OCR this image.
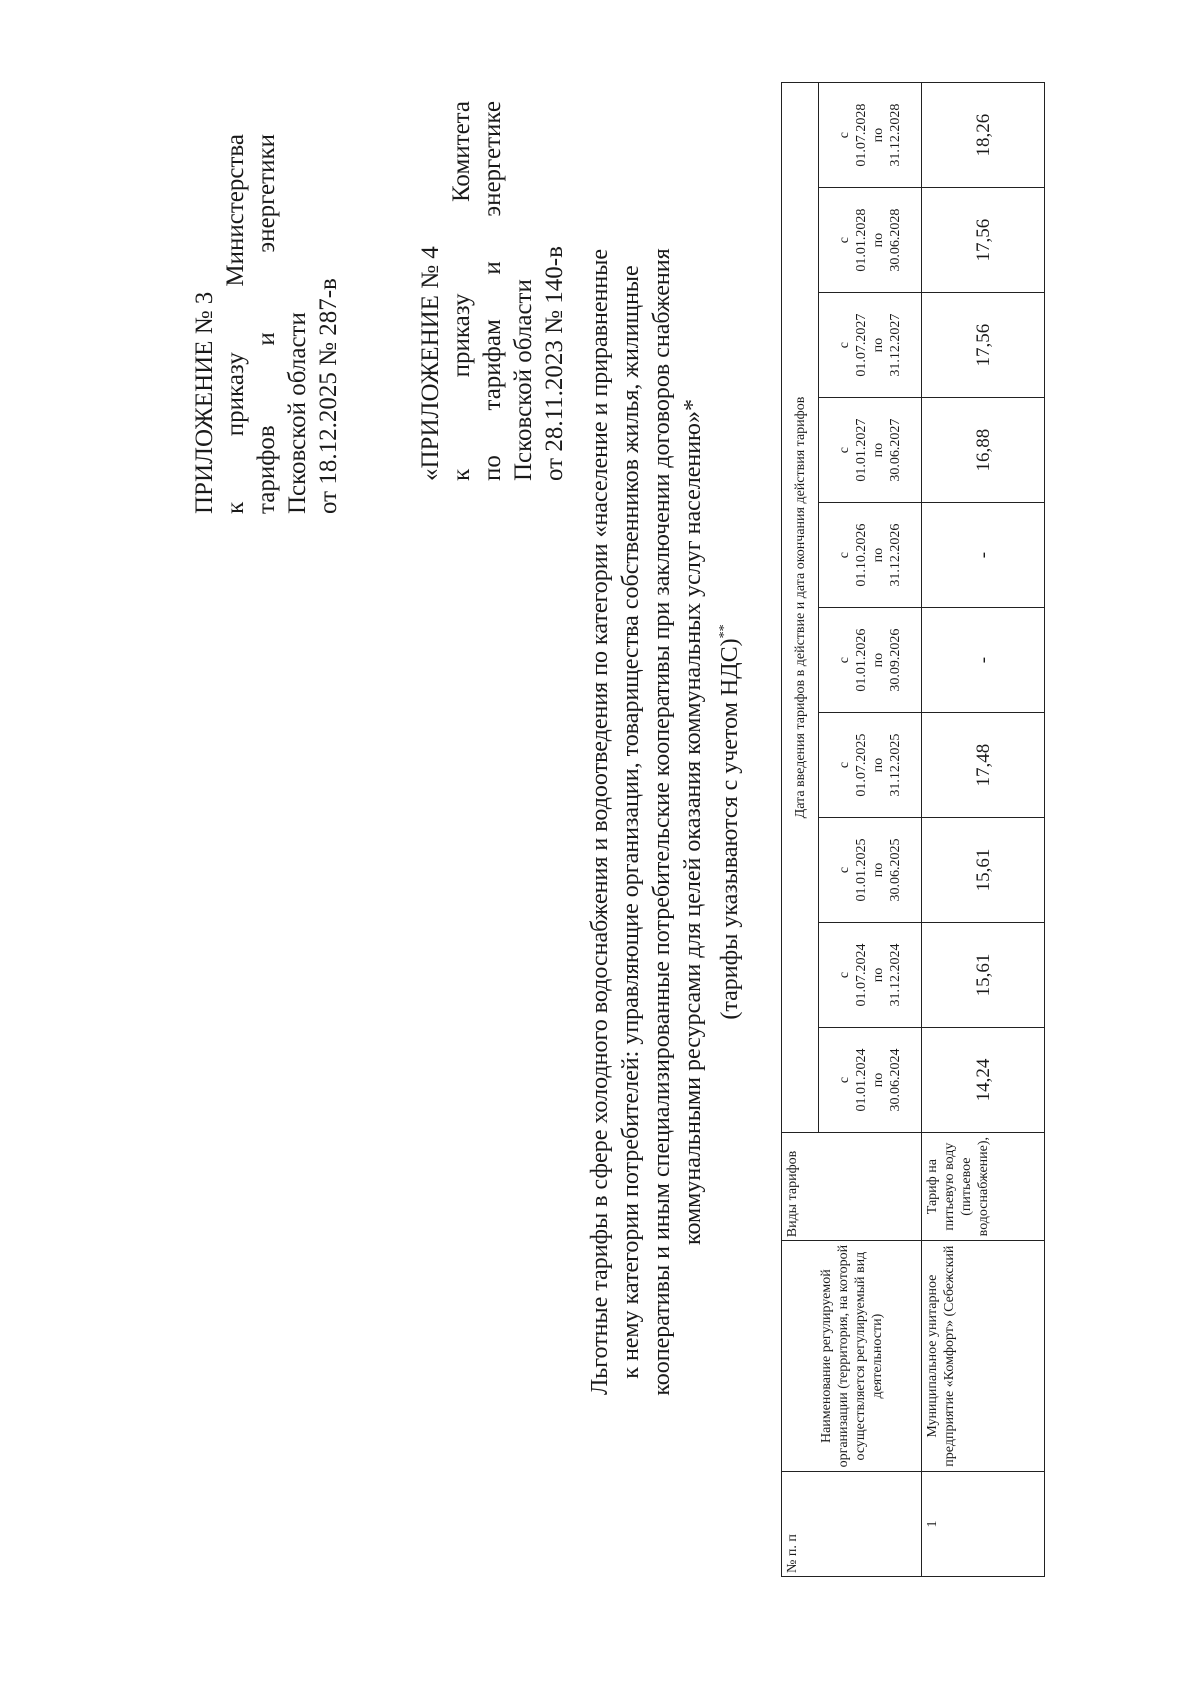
ПРИЛОЖЕНИЕ № 3 к приказу Министерства тарифов и энергетики Псковской области от 18.12.2025 № 287-в	«ПРИЛОЖЕНИЕ № 4 к приказу Комитета по тарифам и энергетике Псковской области от 28.11.2023 № 140-в Льготные тарифы в сфере холодного водоснабжения и водоотведения по категории «население и приравненные к нему категории потребителей: управляющие организации, товарищества собственников жилья, жилищные кооперативы и иным специализированные потребительские кооперативы при заключении договоров снабжения коммунальными ресурсами для целей оказания коммунальных услуг населению»* (тарифы указываются с учетом НДС)**
№ п. п	Наименование регулируемой организации (территория, на которой осуществляется регулируемый вид деятельности)	Виды тарифов	Дата введения тарифов в действие и дата окончания действия тарифов									

			с 01.01.2024 по 30.06.2024	с 01.07.2024 по 31.12.2024	с 01.01.2025 по 30.06.2025	с 01.07.2025 по 31.12.2025	с 01.01.2026 по 30.09.2026	с 01.10.2026 по 31.12.2026	с 01.01.2027 по 30.06.2027	с 01.07.2027 по 31.12.2027	с 01.01.2028 по 30.06.2028	с 01.07.2028 по 31.12.2028

1	Муниципальное унитарное предприятие «Комфорт» (Себежский	Тариф на питьевую воду (питьевое водоснабжение),	14,24	15,61	15,61	17,48	-	-	16,88	17,56	17,56	18,26
